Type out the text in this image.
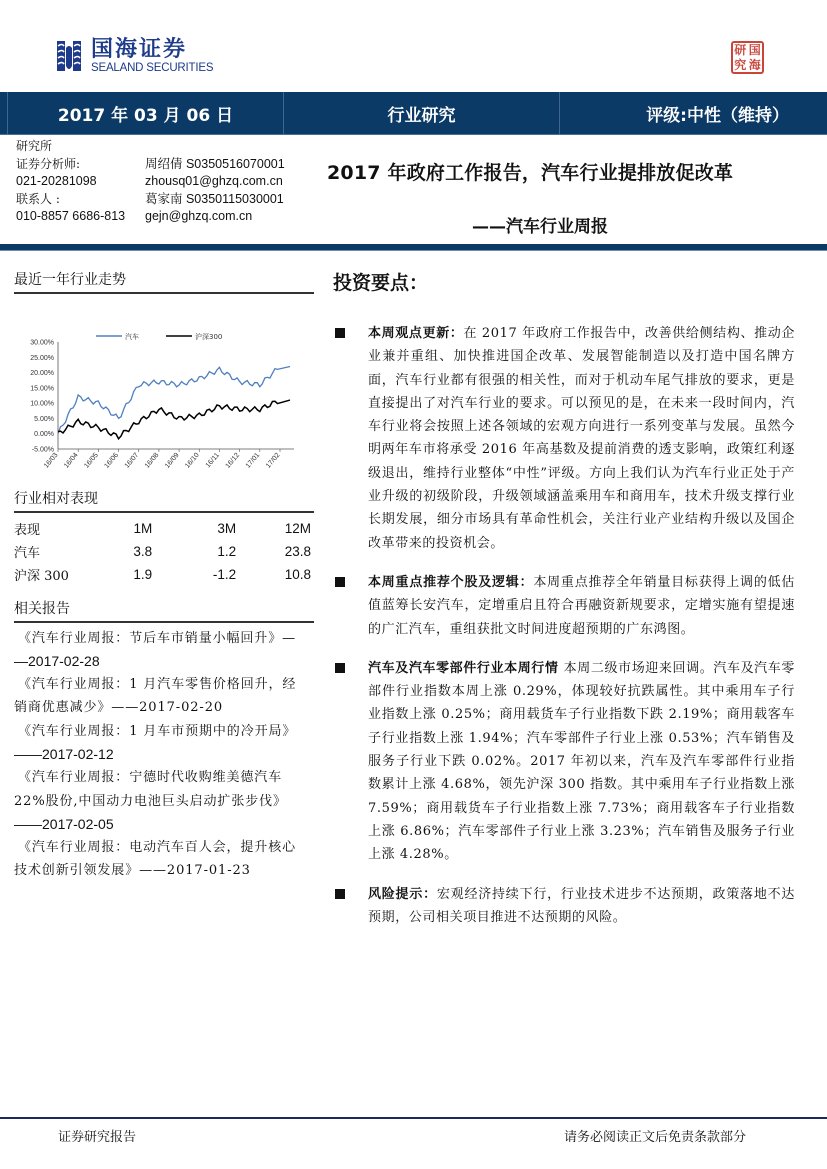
国海证券
SEALAND SECURITIES
研 国
究 海
2017 年 03 月 06 日	行业研究	评级:中性（维持）
研究所
证券分析师:	周绍倩 S0350516070001
021-20281098	zhousq01@ghzq.com.cn
联系人 :	葛家南 S0350115030001
010-8857 6686-813	gejn@ghzq.com.cn
2017 年政府工作报告，汽车行业提排放促改革
——汽车行业周报
最近一年行业走势
汽车	沪深300
30.00%
25.00%
20.00%
15.00%
10.00%
5.00%
0.00%
-5.00%
16/03 16/04 16/05 16/06 16/07 16/08 16/09 16/10 16/11 16/12 17/01 17/02
行业相对表现
表现	1M	3M	12M
汽车	3.8	1.2	23.8
沪深 300	1.9	-1.2	10.8
相关报告
《汽车行业周报：节后车市销量小幅回升》—
—2017-02-28
《汽车行业周报：1 月汽车零售价格回升，经
销商优惠减少》——2017-02-20
《汽车行业周报：1 月车市预期中的冷开局》
——2017-02-12
《汽车行业周报：宁德时代收购维美德汽车
22%股份,中国动力电池巨头启动扩张步伐》
——2017-02-05
《汽车行业周报：电动汽车百人会，提升核心
技术创新引领发展》——2017-01-23
投资要点：
本周观点更新：在 2017 年政府工作报告中，改善供给侧结构、推动企业兼并重组、加快推进国企改革、发展智能制造以及打造中国名牌方面，汽车行业都有很强的相关性，而对于机动车尾气排放的要求，更是直接提出了对汽车行业的要求。可以预见的是，在未来一段时间内，汽车行业将会按照上述各领域的宏观方向进行一系列变革与发展。虽然今明两年车市将承受 2016 年高基数及提前消费的透支影响，政策红利逐级退出，维持行业整体“中性”评级。方向上我们认为汽车行业正处于产业升级的初级阶段，升级领域涵盖乘用车和商用车，技术升级支撑行业长期发展，细分市场具有革命性机会，关注行业产业结构升级以及国企改革带来的投资机会。
本周重点推荐个股及逻辑：本周重点推荐全年销量目标获得上调的低估值蓝筹长安汽车，定增重启且符合再融资新规要求，定增实施有望提速的广汇汽车，重组获批文时间进度超预期的广东鸿图。
汽车及汽车零部件行业本周行情 本周二级市场迎来回调。汽车及汽车零部件行业指数本周上涨 0.29%，体现较好抗跌属性。其中乘用车子行业指数上涨 0.25%；商用载货车子行业指数下跌 2.19%；商用载客车子行业指数上涨 1.94%；汽车零部件子行业上涨 0.53%；汽车销售及服务子行业下跌 0.02%。2017 年初以来，汽车及汽车零部件行业指数累计上涨 4.68%，领先沪深 300 指数。其中乘用车子行业指数上涨 7.59%；商用载货车子行业指数上涨 7.73%；商用载客车子行业指数上涨 6.86%；汽车零部件子行业上涨 3.23%；汽车销售及服务子行业上涨 4.28%。
风险提示：宏观经济持续下行，行业技术进步不达预期，政策落地不达预期，公司相关项目推进不达预期的风险。
证券研究报告	请务必阅读正文后免责条款部分
